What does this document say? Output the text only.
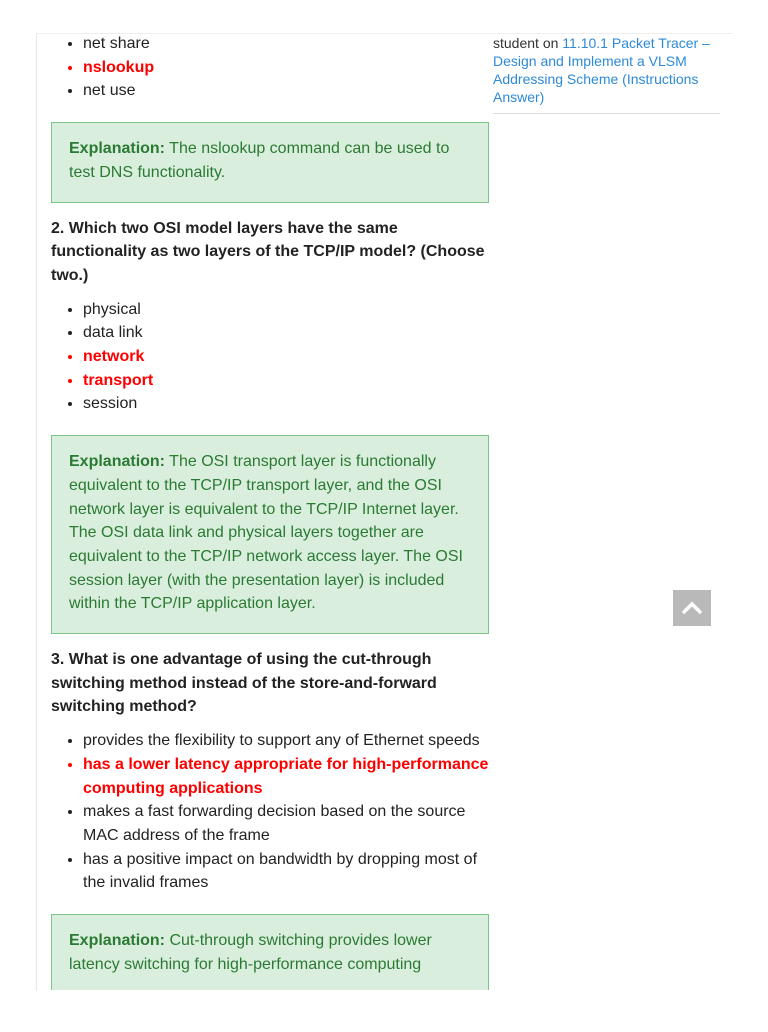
• net share
• nslookup
• net use
Explanation: The nslookup command can be used to test DNS functionality.
2. Which two OSI model layers have the same functionality as two layers of the TCP/IP model? (Choose two.)
• physical
• data link
• network
• transport
• session
Explanation: The OSI transport layer is functionally equivalent to the TCP/IP transport layer, and the OSI network layer is equivalent to the TCP/IP Internet layer. The OSI data link and physical layers together are equivalent to the TCP/IP network access layer. The OSI session layer (with the presentation layer) is included within the TCP/IP application layer.
3. What is one advantage of using the cut-through switching method instead of the store-and-forward switching method?
• provides the flexibility to support any of Ethernet speeds
• has a lower latency appropriate for high-performance computing applications
• makes a fast forwarding decision based on the source MAC address of the frame
• has a positive impact on bandwidth by dropping most of the invalid frames
Explanation: Cut-through switching provides lower latency switching for high-performance computing
student on 11.10.1 Packet Tracer – Design and Implement a VLSM Addressing Scheme (Instructions Answer)
